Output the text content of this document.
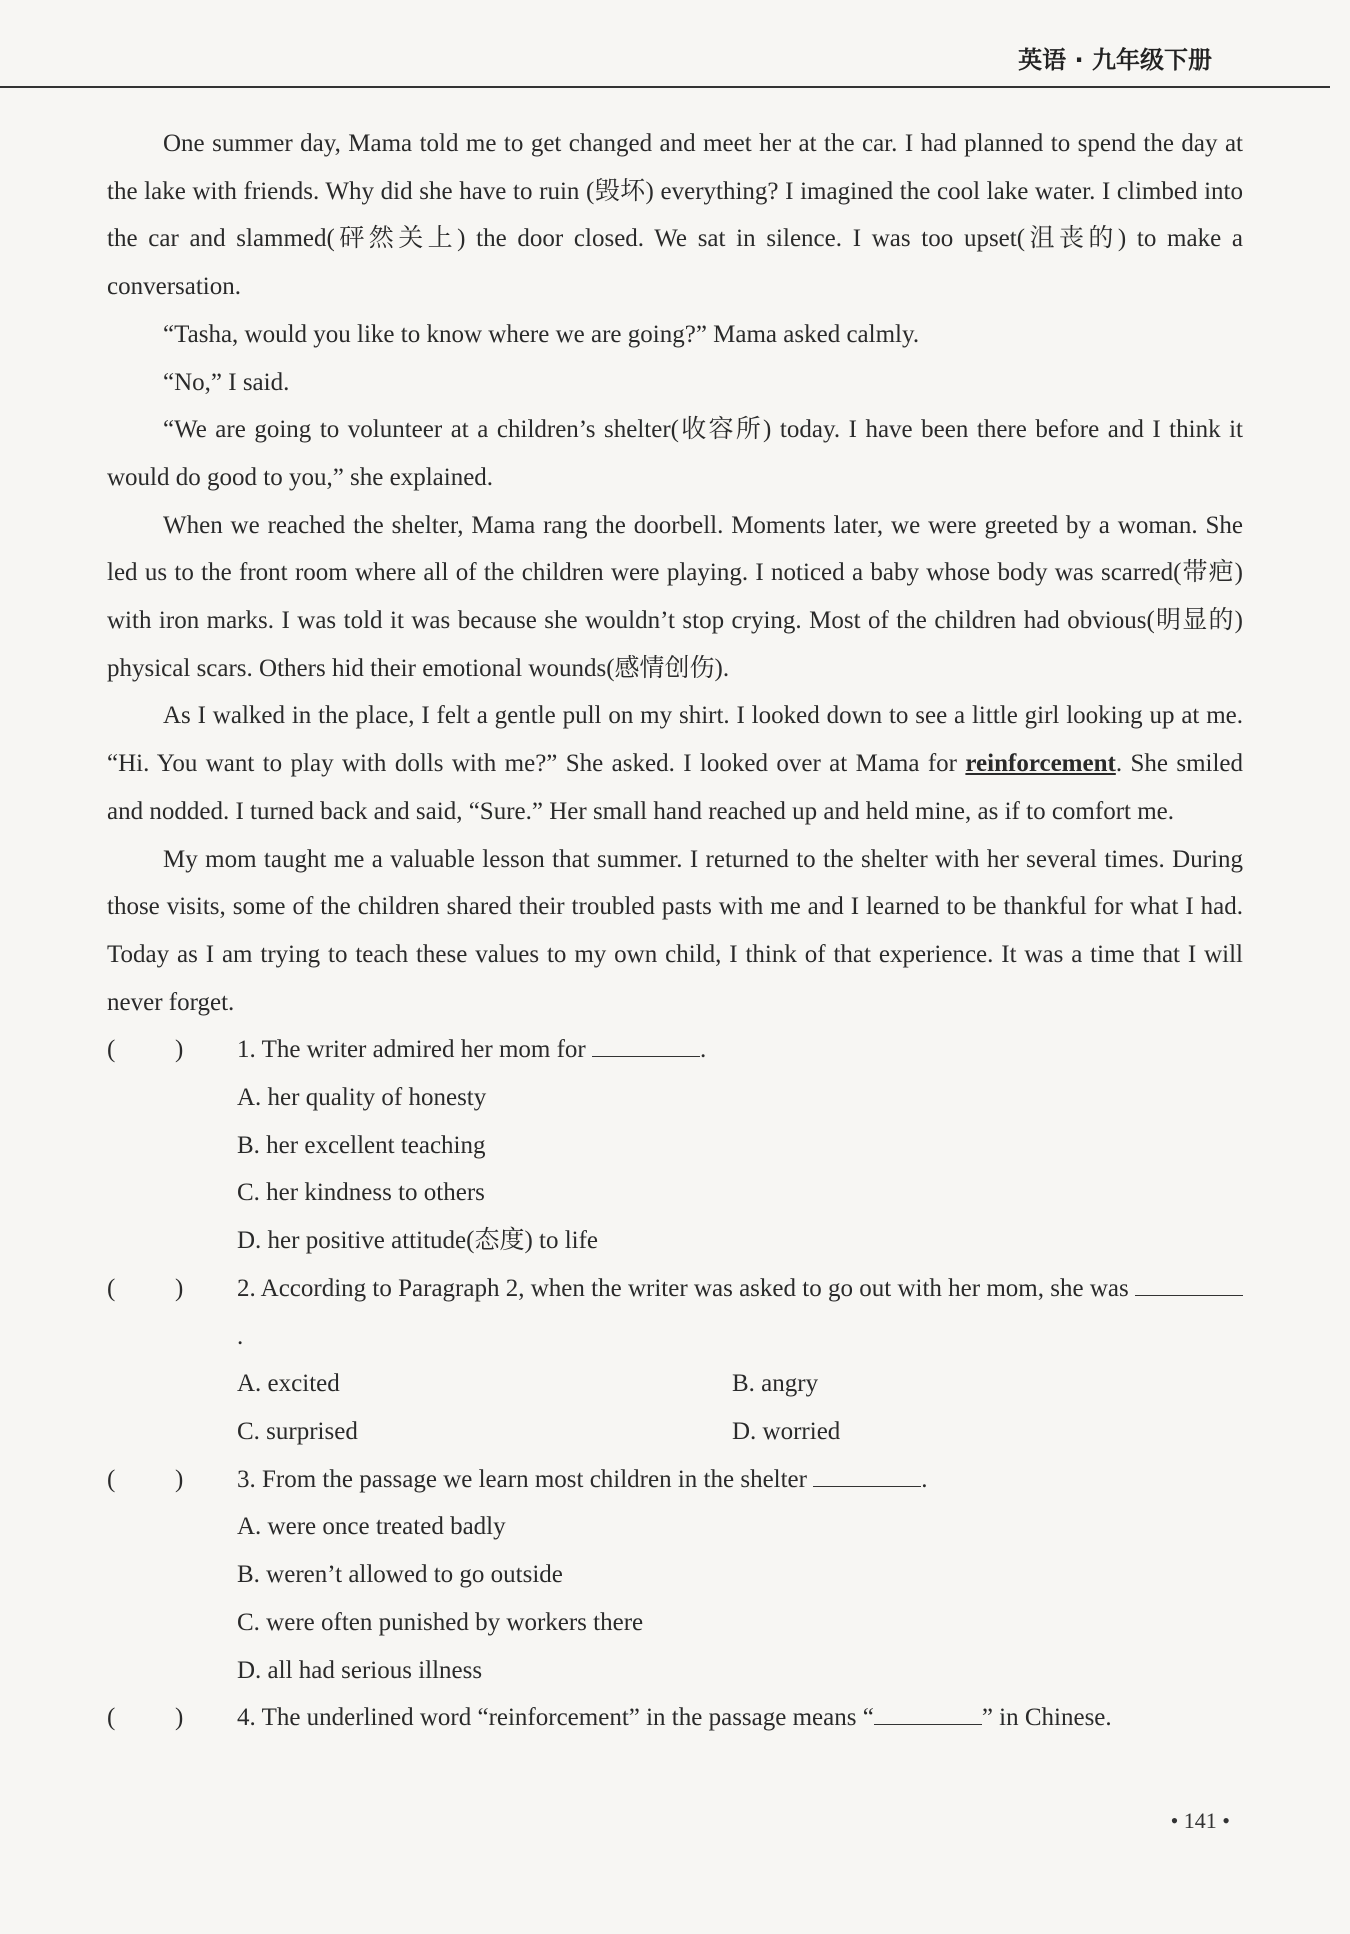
英语 · 九年级下册

One summer day, Mama told me to get changed and meet her at the car. I had planned to spend the day at the lake with friends. Why did she have to ruin (毁坏) everything? I imagined the cool lake water. I climbed into the car and slammed(砰然关上) the door closed. We sat in silence. I was too upset(沮丧的) to make a conversation.

“Tasha, would you like to know where we are going?” Mama asked calmly.

“No,” I said.

“We are going to volunteer at a children’s shelter(收容所) today. I have been there before and I think it would do good to you,” she explained.

When we reached the shelter, Mama rang the doorbell. Moments later, we were greeted by a woman. She led us to the front room where all of the children were playing. I noticed a baby whose body was scarred(带疤) with iron marks. I was told it was because she wouldn’t stop crying. Most of the children had obvious(明显的) physical scars. Others hid their emotional wounds(感情创伤).

As I walked in the place, I felt a gentle pull on my shirt. I looked down to see a little girl looking up at me. “Hi. You want to play with dolls with me?” She asked. I looked over at Mama for reinforcement. She smiled and nodded. I turned back and said, “Sure.” Her small hand reached up and held mine, as if to comfort me.

My mom taught me a valuable lesson that summer. I returned to the shelter with her several times. During those visits, some of the children shared their troubled pasts with me and I learned to be thankful for what I had. Today as I am trying to teach these values to my own child, I think of that experience. It was a time that I will never forget.

( ) 1. The writer admired her mom for	.

A. her quality of honesty

B. her excellent teaching

C. her kindness to others

D. her positive attitude(态度) to life

( ) 2. According to Paragraph 2, when the writer was asked to go out with her mom, she was .

A. excited	B. angry
C. surprised	D. worried

( ) 3. From the passage we learn most children in the shelter	.

A. were once treated badly

B. weren’t allowed to go outside

C. were often punished by workers there

D. all had serious illness

( ) 4. The underlined word “reinforcement” in the passage means “	” in Chinese.

• 141 •
